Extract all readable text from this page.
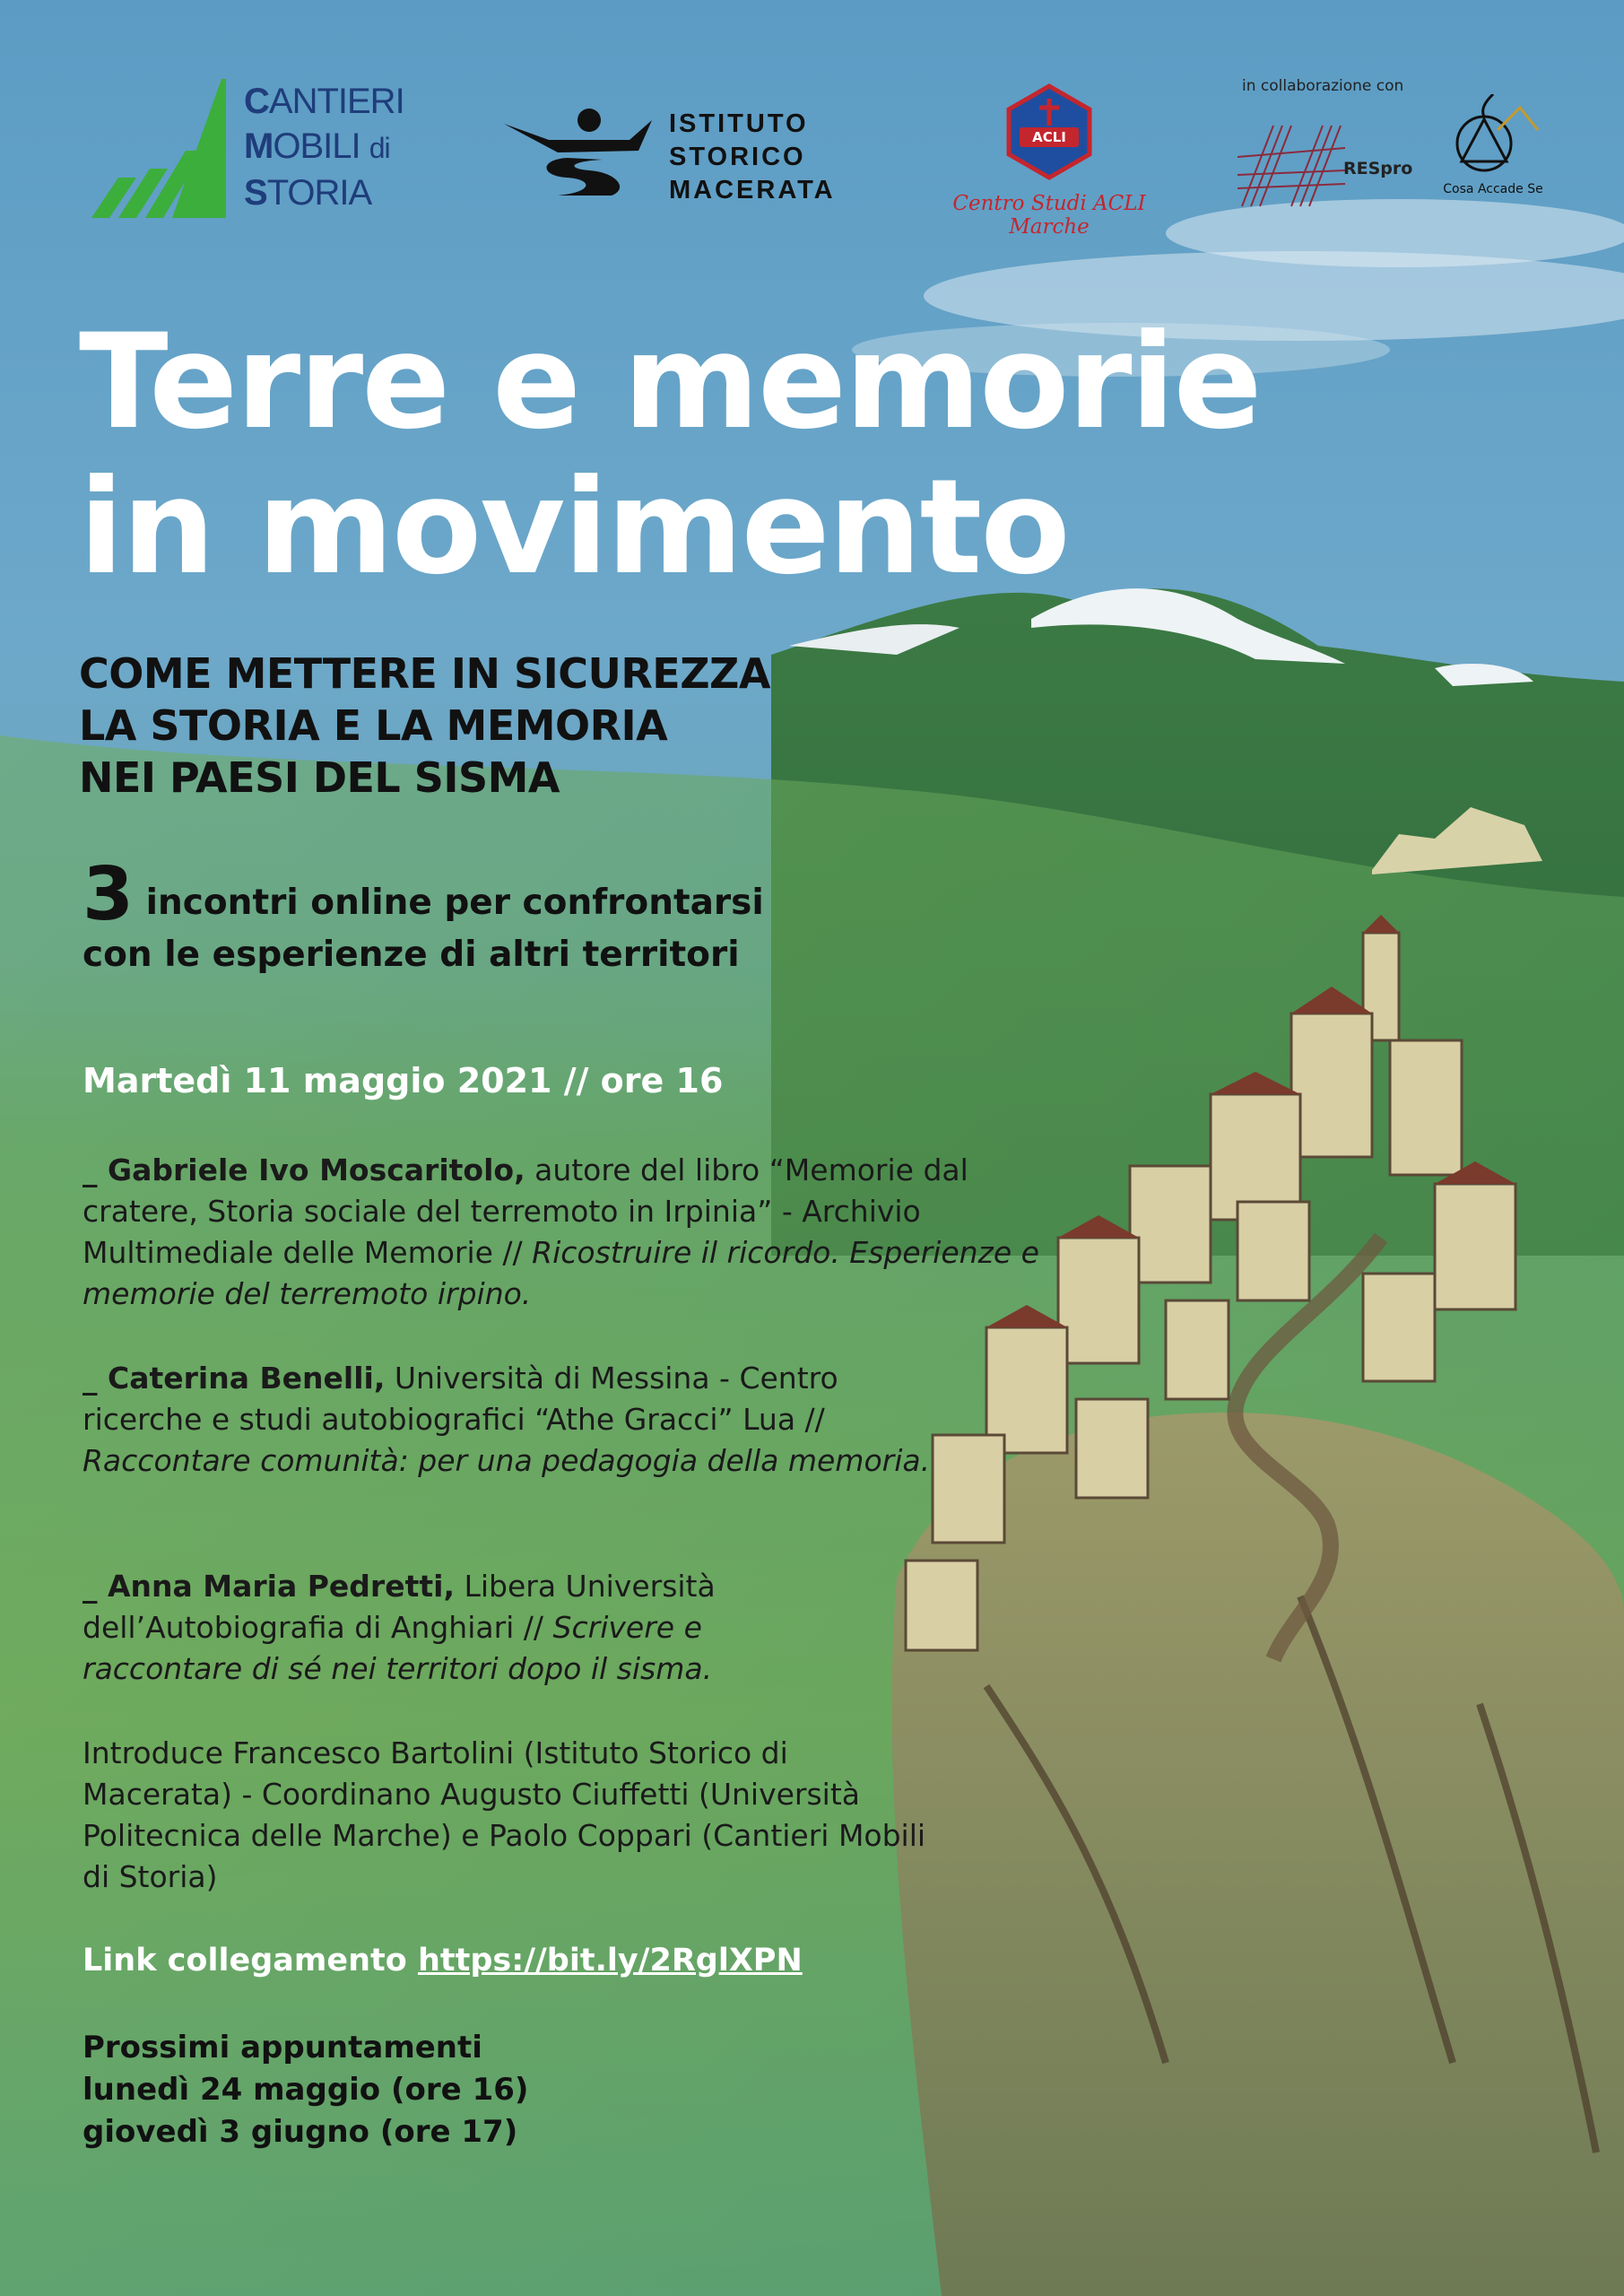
CANTIERI
MOBILI di
STORIA
ISTITUTO
STORICO
MACERATA
ACLI
Centro Studi ACLI Marche
in collaborazione con
RESpro
Cosa Accade Se
Terre e memorie
in movimento
COME METTERE IN SICUREZZA
LA STORIA E LA MEMORIA
NEI PAESI DEL SISMA
3 incontri online per confrontarsi
con le esperienze di altri territori
Martedì 11 maggio 2021 // ore 16
_ Gabriele Ivo Moscaritolo, autore del libro “Memorie dal cratere, Storia sociale del terremoto in Irpinia” - Archivio Multimediale delle Memorie // Ricostruire il ricordo. Esperienze e memorie del terremoto irpino.
_ Caterina Benelli, Università di Messina - Centro ricerche e studi autobiografici “Athe Gracci” Lua // Raccontare comunità: per una pedagogia della memoria.
_ Anna Maria Pedretti, Libera Università dell’Autobiografia di Anghiari // Scrivere e raccontare di sé nei territori dopo il sisma.
Introduce Francesco Bartolini (Istituto Storico di Macerata) - Coordinano Augusto Ciuffetti (Università Politecnica delle Marche) e Paolo Coppari (Cantieri Mobili di Storia)
Link collegamento https://bit.ly/2RglXPN
Prossimi appuntamenti
lunedì 24 maggio (ore 16)
giovedì 3 giugno (ore 17)
